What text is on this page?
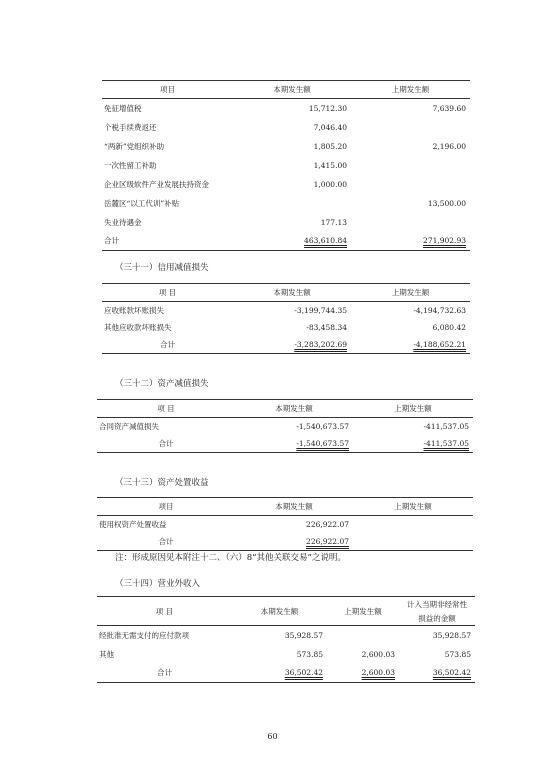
项目	本期发生额	上期发生额
免征增值税	15,712.30	7,639.60
个税手续费返还	7,046.40	
“两新”党组织补助	1,805.20	2,196.00
一次性留工补助	1,415.00	
企业区级软件产业发展扶持资金	1,000.00	
岳麓区“以工代训”补贴		13,500.00
失业待遇金	177.13	
合计	463,610.84	271,902.93
（三十一）信用减值损失
项 目	本期发生额	上期发生额
应收账款坏账损失	-3,199,744.35	-4,194,732.63
其他应收款坏账损失	-83,458.34	6,080.42
合计	-3,283,202.69	-4,188,652.21
（三十二）资产减值损失
项 目	本期发生额	上期发生额
合同资产减值损失	-1,540,673.57	-411,537.05
合计	-1,540,673.57	-411,537.05
（三十三）资产处置收益
项目	本期发生额	上期发生额
使用权资产处置收益	226,922.07	
合计	226,922.07	
注：形成原因见本附注十二、（六）8“其他关联交易”之说明。
（三十四）营业外收入
项 目	本期发生额	上期发生额	计入当期非经常性
			损益的金额
经批准无需支付的应付款项	35,928.57		35,928.57
其他	573.85	2,600.03	573.85
合计	36,502.42	2,600.03	36,502.42
60
